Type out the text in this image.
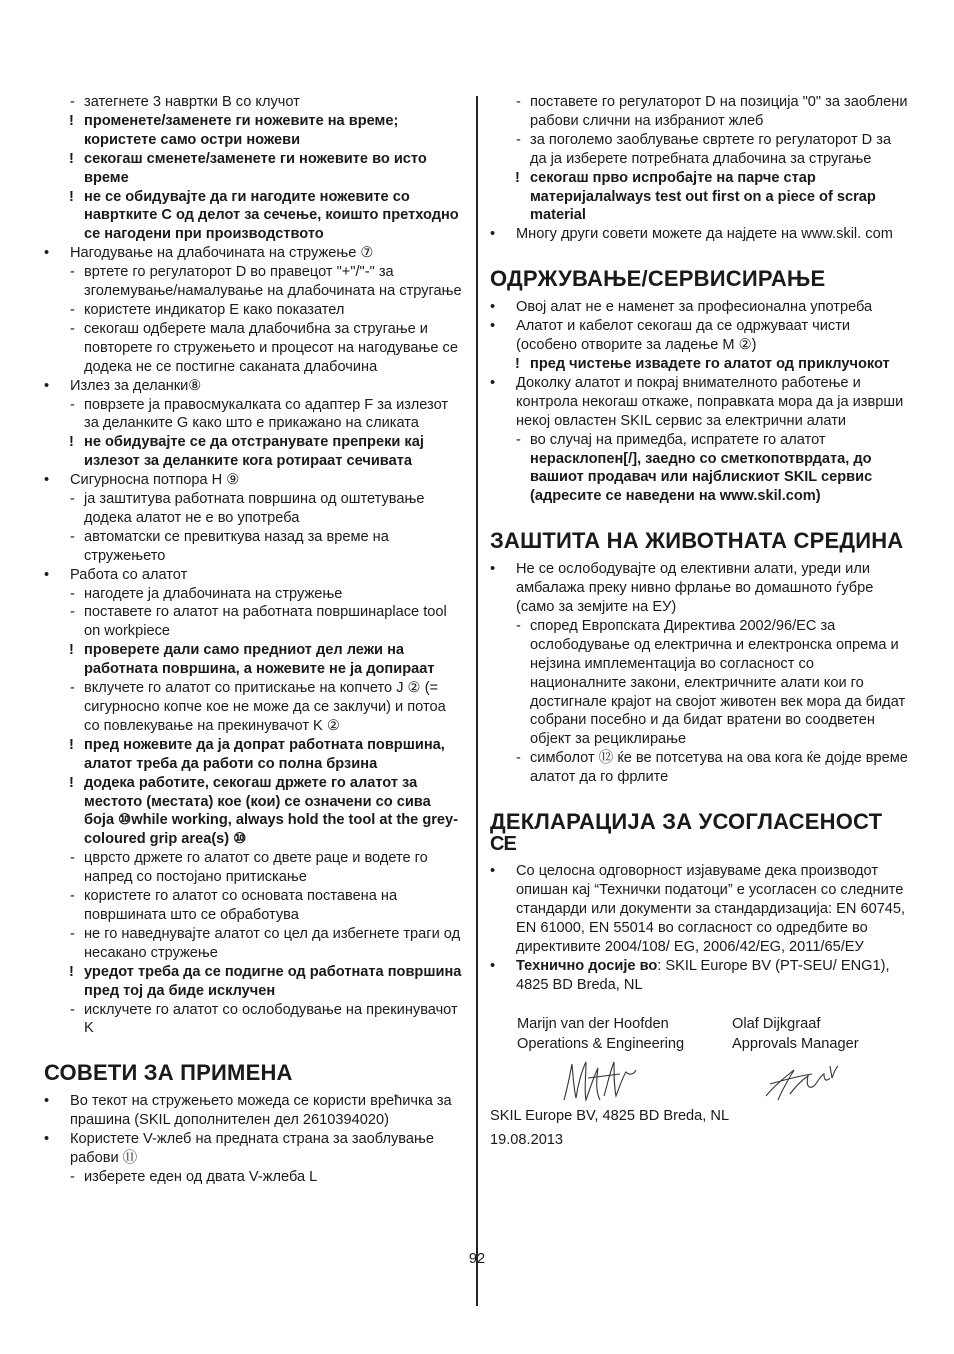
- затегнете 3 навртки B со клучот
! променете/заменете ги ножевите на време; користете само остри ножеви
! секогаш сменете/заменете ги ножевите во исто време
! не се обидувајте да ги нагодите ножевите со навртките C од делот за сечење, коишто претходно се нагодени при производството
• Нагодување на длабочината на стружење ⑦
- вртете го регулаторот D во правецот "+"/"-" за зголемување/намалување на длабочината на стругање
- користете индикатор E како показател
- секогаш одберете мала длабочибна за стругање и повторете го стружењето и процесот на нагодување се додека не се постигне саканата длабочина
• Излез за деланки⑧
- поврзете ја правосмукалката со адаптер F за излезот за деланките G како што е прикажано на сликата
! не обидувајте се да отстранувате препреки кај излезот за деланките кога ротираат сечивата
• Сигурносна потпора H ⑨
- ја заштитува работната површина од оштетување додека алатот не е во употреба
- автоматски се превиткува назад за време на стружењето
• Работа со алатот
- нагодете ја длабочината на стружење
- поставете го алатот на работната површинаplace tool on workpiece
! проверете дали само предниот дел лежи на работната површина, а ножевите не ја допираат
- вклучете го алатот со притискање на копчето J ② (= сигурносно копче кое не може да се заклучи) и потоа со повлекување на прекинувачот K ②
! пред ножевите да ја допрат работната површина, алатот треба да работи со полна брзина
! додека работите, секогаш држете го алатот за местото (местата) кое (кои) се означени со сива боја ⑩while working, always hold the tool at the grey-coloured grip area(s) ⑩
- цврсто држете го алатот со двете раце и водете го напред со постојано притискање
- користете го алатот со основата поставена на површината што се обработува
- не го наведнувајте алатот со цел да избегнете траги од несакано стружење
! уредот треба да се подигне од работната површина пред тој да биде исклучен
- исклучете го алатот со ослободување на прекинувачот K
СОВЕТИ ЗА ПРИМЕНА
• Во текот на стружењето можеда се користи врећичка за прашина (SKIL дополнителен дел 2610394020)
• Користете V-жлеб на предната страна за заоблување рабови ⑪
- изберете еден од двата V-жлеба L
- поставете го регулаторот D на позиција "0" за заоблени рабови слични на избраниот жлеб
- за поголемо заоблување свртете го регулаторот D за да ја изберете потребната длабочина за стругање
! секогаш прво испробајте на парче стар материјалalways test out first on a piece of scrap material
• Многу други совети можете да најдете на www.skil. com
ОДРЖУВАЊЕ/СЕРВИСИРАЊЕ
• Овој алат не е наменет за професионална употреба
• Алатот и кабелот секогаш да се одржуваат чисти (особено отворите за ладење M ②)
! пред чистење извадете го алатот од приклучокот
• Доколку алатот и покрај внимателното работење и контрола некогаш откаже, поправката мора да ја изврши некој овластен SKIL сервис за електрични алати
- во случај на примедба, испратете го алатот нерасклопен[/], заедно со сметкопотврдата, до вашиот продавач или најблискиот SKIL сервис (адресите се наведени на www.skil.com)
ЗАШТИТА НА ЖИВОТНАТА СРЕДИНА
• Не се ослободувајте од елективни алати, уреди или амбалажа преку нивно фрлање во домашното ѓубре (само за земјите на ЕУ)
- според Европската Директива 2002/96/EC за ослободување од електрична и електронска опрема и нејзина имплементација во согласност со националните закони, електричните алати кои го достигнале крајот на својот животен век мора да бидат собрани посебно и да бидат вратени во соодветен објект за рециклирање
- симболот ⑫ ќе ве потсетува на ова кога ќе дојде време алатот да го фрлите
ДЕКЛАРАЦИЈА ЗА УСОГЛАСЕНОСТ
CE
• Со целосна одговорност изјавуваме дека производот опишан кај “Технички податоци” е усогласен со следните стандарди или документи за стандардизација: EN 60745, EN 61000, EN 55014 во согласност со одредбите во директивите 2004/108/ ЕG, 2006/42/EG, 2011/65/ЕУ
• Технично досије во: SKIL Europe BV (PT-SEU/ ENG1), 4825 BD Breda, NL
Marijn van der Hoofden
Operations & Engineering
Olaf Dijkgraaf
Approvals Manager
SKIL Europe BV, 4825 BD Breda, NL
19.08.2013
92
